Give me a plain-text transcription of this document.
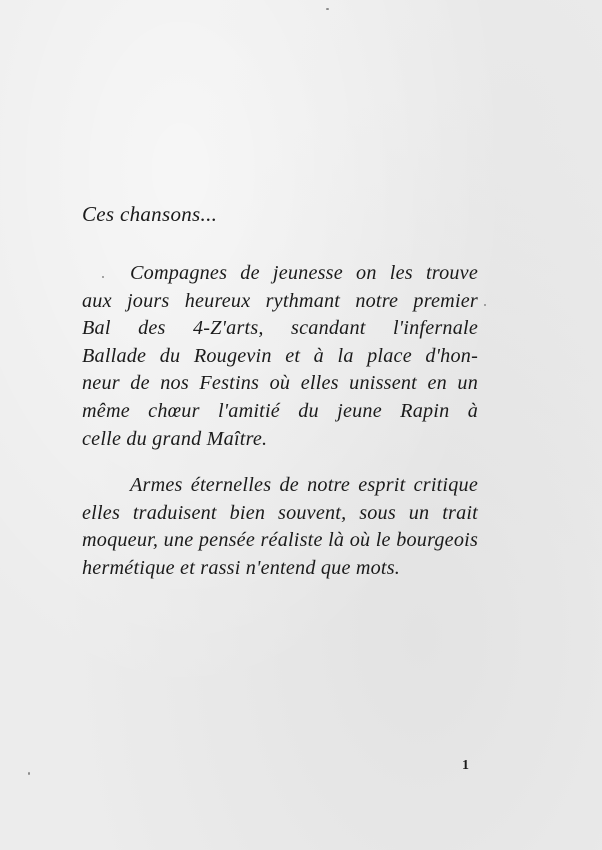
Ces chansons...
Compagnes de jeunesse on les trouve
aux jours heureux rythmant notre premier
Bal des 4-Z'arts, scandant l'infernale
Ballade du Rougevin et à la place d'hon-
neur de nos Festins où elles unissent en un
même chœur l'amitié du jeune Rapin à
celle du grand Maître.
Armes éternelles de notre esprit critique
elles traduisent bien souvent, sous un trait
moqueur, une pensée réaliste là où le bourgeois
hermétique et rassi n'entend que mots.
1
